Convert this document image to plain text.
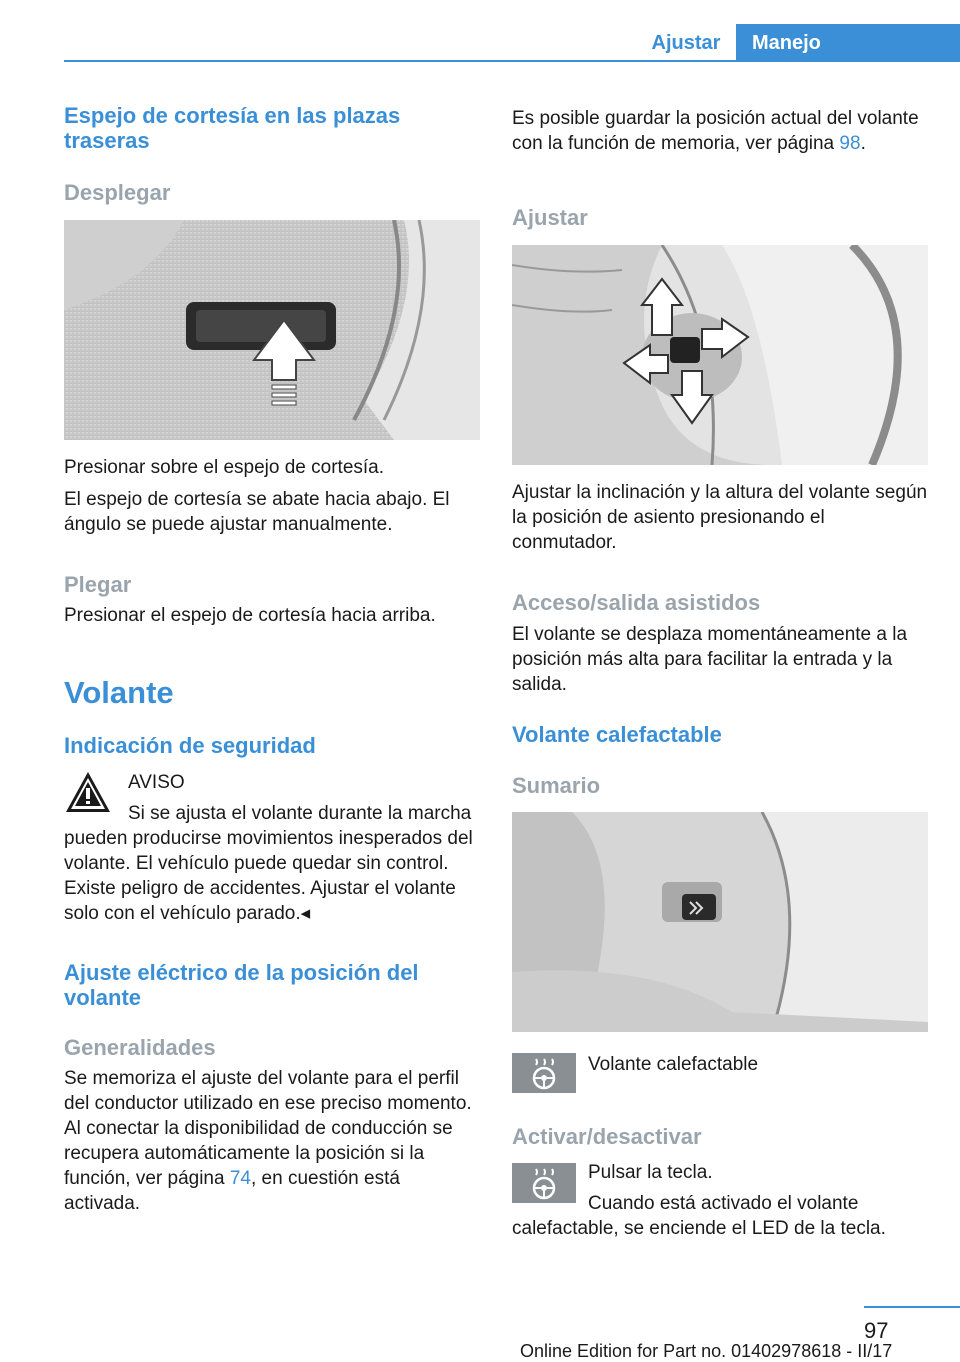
Ajustar	Manejo

Espejo de cortesía en las plazas traseras

Desplegar

Presionar sobre el espejo de cortesía.

El espejo de cortesía se abate hacia abajo. El ángulo se puede ajustar manualmente.

Plegar

Presionar el espejo de cortesía hacia arriba.

Volante

Indicación de seguridad

AVISO

Si se ajusta el volante durante la marcha pueden producirse movimientos inesperados del volante. El vehículo puede quedar sin control. Existe peligro de accidentes. Ajustar el volante solo con el vehículo parado.◂

Ajuste eléctrico de la posición del volante

Generalidades

Se memoriza el ajuste del volante para el perfil del conductor utilizado en ese preciso momento. Al conectar la disponibilidad de conducción se recupera automáticamente la posición si la función, ver página 74, en cuestión está activada.

Es posible guardar la posición actual del volante con la función de memoria, ver página 98.

Ajustar

Ajustar la inclinación y la altura del volante según la posición de asiento presionando el conmutador.

Acceso/salida asistidos

El volante se desplaza momentáneamente a la posición más alta para facilitar la entrada y la salida.

Volante calefactable

Sumario

Volante calefactable

Activar/desactivar

Pulsar la tecla.

Cuando está activado el volante calefactable, se enciende el LED de la tecla.

97
Online Edition for Part no. 01402978618 - II/17
